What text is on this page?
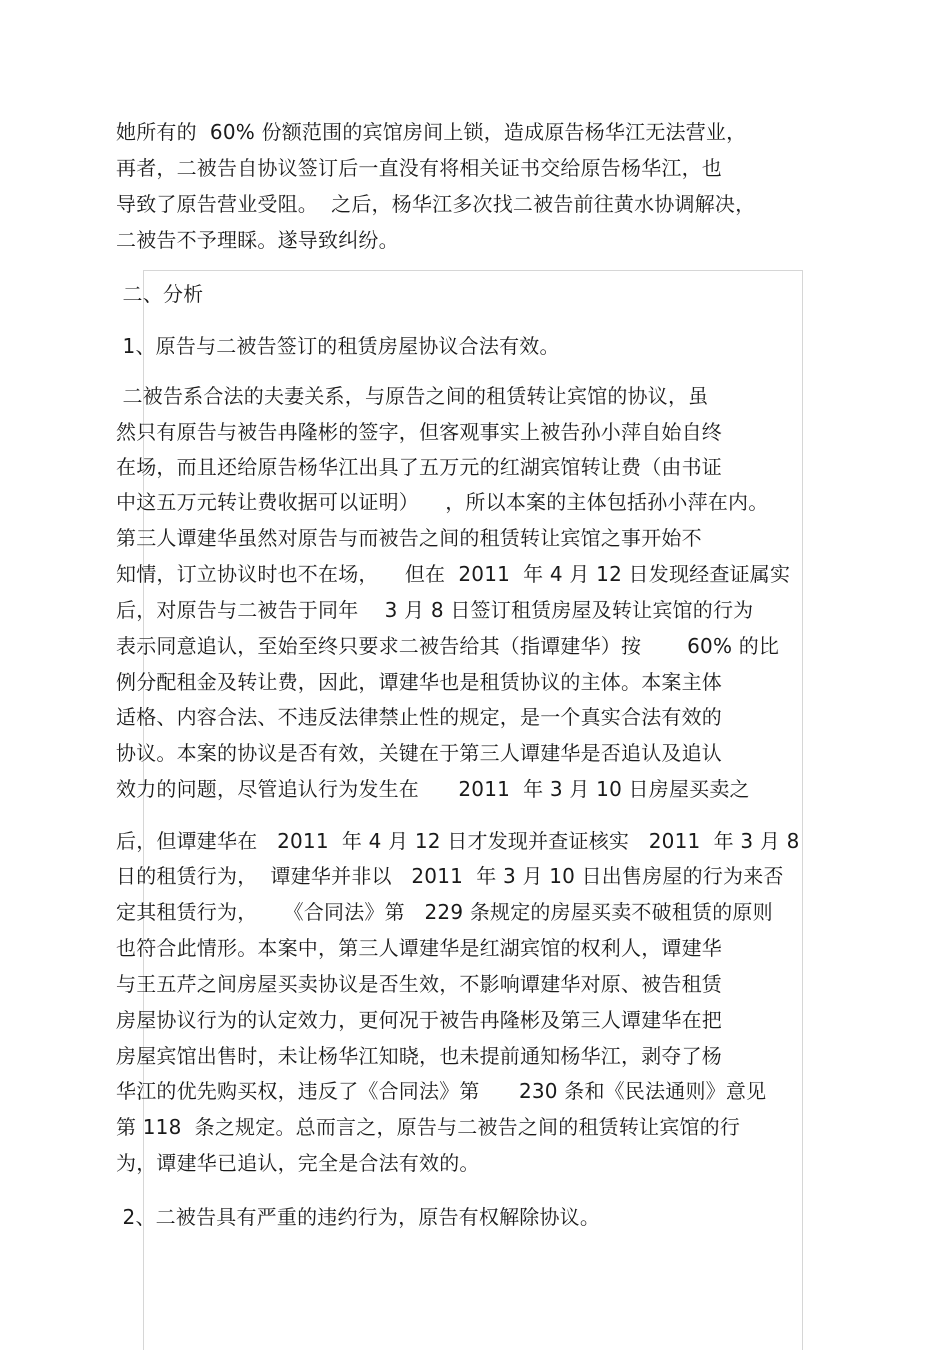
她所有的  60% 份额范围的宾馆房间上锁，造成原告杨华江无法营业，
再者，二被告自协议签订后一直没有将相关证书交给原告杨华江，也
导致了原告营业受阻。  之后，杨华江多次找二被告前往黄水协调解决，
二被告不予理睬。遂导致纠纷。
二、分析
1、原告与二被告签订的租赁房屋协议合法有效。
二被告系合法的夫妻关系，与原告之间的租赁转让宾馆的协议，虽
然只有原告与被告冉隆彬的签字，但客观事实上被告孙小萍自始自终
在场，而且还给原告杨华江出具了五万元的红湖宾馆转让费（由书证
中这五万元转让费收据可以证明）    ，所以本案的主体包括孙小萍在内。
第三人谭建华虽然对原告与而被告之间的租赁转让宾馆之事开始不
知情，订立协议时也不在场，    但在  2011  年 4 月 12 日发现经查证属实
后，对原告与二被告于同年    3 月 8 日签订租赁房屋及转让宾馆的行为
表示同意追认，至始至终只要求二被告给其（指谭建华）按       60% 的比
例分配租金及转让费，因此，谭建华也是租赁协议的主体。本案主体
适格、内容合法、不违反法律禁止性的规定，是一个真实合法有效的
协议。本案的协议是否有效，关键在于第三人谭建华是否追认及追认
效力的问题，尽管追认行为发生在      2011  年 3 月 10 日房屋买卖之
后，但谭建华在   2011  年 4 月 12 日才发现并查证核实   2011  年 3 月 8
日的租赁行为，  谭建华并非以   2011  年 3 月 10 日出售房屋的行为来否
定其租赁行为，    《合同法》第   229 条规定的房屋买卖不破租赁的原则
也符合此情形。本案中，第三人谭建华是红湖宾馆的权利人，谭建华
与王五芹之间房屋买卖协议是否生效，不影响谭建华对原、被告租赁
房屋协议行为的认定效力，更何况于被告冉隆彬及第三人谭建华在把
房屋宾馆出售时，未让杨华江知晓，也未提前通知杨华江，剥夺了杨
华江的优先购买权，违反了《合同法》第      230 条和《民法通则》意见
第 118  条之规定。总而言之，原告与二被告之间的租赁转让宾馆的行
为，谭建华已追认，完全是合法有效的。
2、二被告具有严重的违约行为，原告有权解除协议。
